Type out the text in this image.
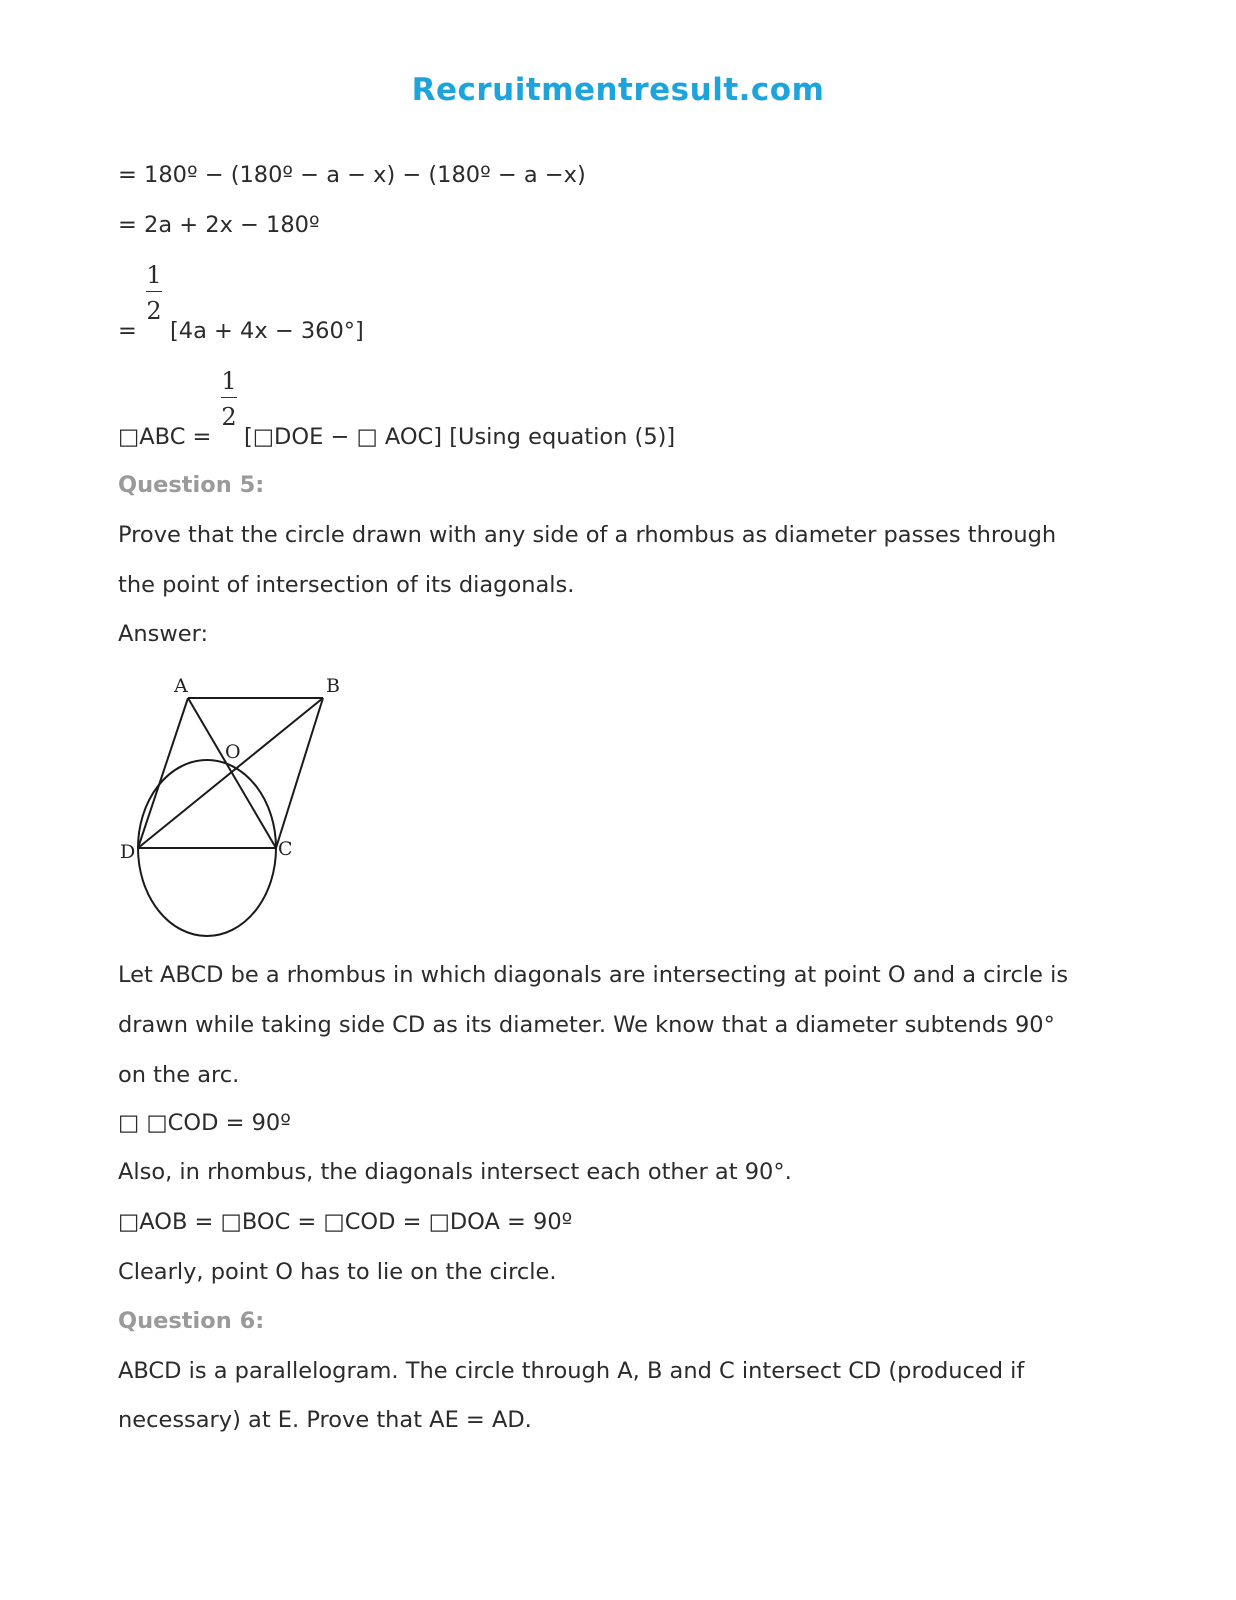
Recruitmentresult.com
= 180º − (180º − a − x) − (180º − a −x)
= 2a + 2x − 180º
=
1
2
[4a + 4x − 360°]
□ABC =
1
2
[□DOE − □ AOC] [Using equation (5)]
Question 5:
Prove that the circle drawn with any side of a rhombus as diameter passes through
the point of intersection of its diagonals.
Answer:
A	B
C
D
O
Let ABCD be a rhombus in which diagonals are intersecting at point O and a circle is
drawn while taking side CD as its diameter. We know that a diameter subtends 90°
on the arc.
□ □COD = 90º
Also, in rhombus, the diagonals intersect each other at 90°.
□AOB = □BOC = □COD = □DOA = 90º
Clearly, point O has to lie on the circle.
Question 6:
ABCD is a parallelogram. The circle through A, B and C intersect CD (produced if
necessary) at E. Prove that AE = AD.
